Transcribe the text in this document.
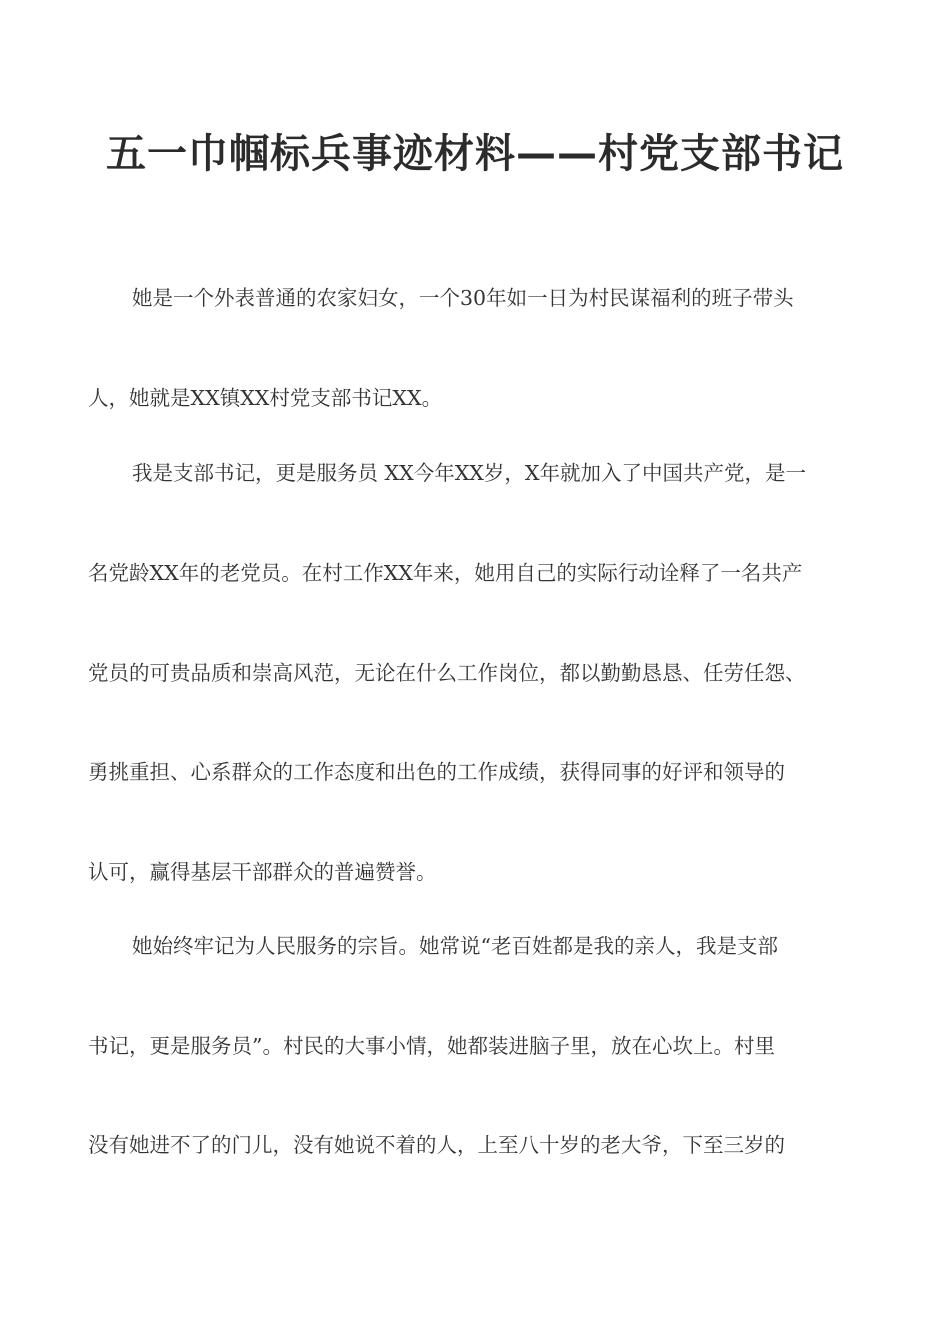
五一巾帼标兵事迹材料——村党支部书记
她是一个外表普通的农家妇女，一个30年如一日为村民谋福利的班子带头
人，她就是XX镇XX村党支部书记XX。
我是支部书记，更是服务员 XX今年XX岁，X年就加入了中国共产党，是一
名党龄XX年的老党员。在村工作XX年来，她用自己的实际行动诠释了一名共产
党员的可贵品质和崇高风范，无论在什么工作岗位，都以勤勤恳恳、任劳任怨、
勇挑重担、心系群众的工作态度和出色的工作成绩，获得同事的好评和领导的
认可，赢得基层干部群众的普遍赞誉。
她始终牢记为人民服务的宗旨。她常说“老百姓都是我的亲人，我是支部
书记，更是服务员”。村民的大事小情，她都装进脑子里，放在心坎上。村里
没有她进不了的门儿，没有她说不着的人，上至八十岁的老大爷，下至三岁的
